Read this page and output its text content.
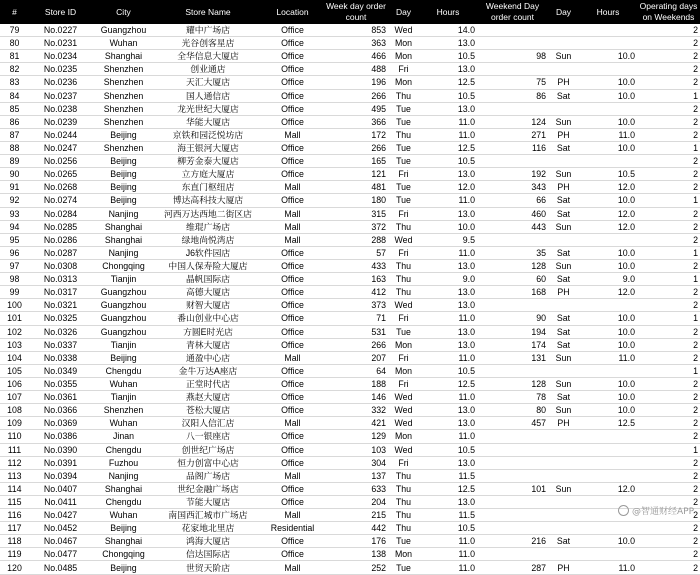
#	Store ID	City	Store Name	Location	Week day order count	Day	Hours	Weekend Day order count	Day	Hours	Operating days on Weekends
79	No.0227	Guangzhou	耀中广场店	Office	853	Wed	14.0				2
80	No.0231	Wuhan	光谷创客星店	Office	363	Mon	13.0				2
81	No.0234	Shanghai	全华信息大厦店	Office	466	Mon	10.5	98	Sun	10.0	2
82	No.0235	Shenzhen	创业通店	Office	488	Fri	13.0				2
83	No.0236	Shenzhen	天汇大厦店	Office	196	Mon	12.5	75	PH	10.0	2
84	No.0237	Shenzhen	国人通信店	Office	266	Thu	10.5	86	Sat	10.0	1
85	No.0238	Shenzhen	龙光世纪大厦店	Office	495	Tue	13.0				2
86	No.0239	Shenzhen	华能大厦店	Office	366	Tue	11.0	124	Sun	10.0	2
87	No.0244	Beijing	京铁和园泛悦坊店	Mall	172	Thu	11.0	271	PH	11.0	2
88	No.0247	Shenzhen	海王银河大厦店	Office	266	Tue	12.5	116	Sat	10.0	1
89	No.0256	Beijing	柳芳金泰大厦店	Office	165	Tue	10.5				2
90	No.0265	Beijing	立方庭大厦店	Office	121	Fri	13.0	192	Sun	10.5	2
91	No.0268	Beijing	东直门枢纽店	Mall	481	Tue	12.0	343	PH	12.0	2
92	No.0274	Beijing	博达高科技大厦店	Office	180	Tue	11.0	66	Sat	10.0	1
93	No.0284	Nanjing	河西万达西地二街区店	Mall	315	Fri	13.0	460	Sat	12.0	2
94	No.0285	Shanghai	维琨广场店	Mall	372	Thu	10.0	443	Sun	12.0	2
95	No.0286	Shanghai	绿地尚悦湾店	Mall	288	Wed	9.5				2
96	No.0287	Nanjing	J6软件园店	Office	57	Fri	11.0	35	Sat	10.0	1
97	No.0308	Chongqing	中国人保寿险大厦店	Office	433	Thu	13.0	128	Sun	10.0	2
98	No.0313	Tianjin	晶帆国际店	Office	163	Thu	9.0	60	Sat	9.0	1
99	No.0317	Guangzhou	高德大厦店	Office	412	Thu	13.0	168	PH	12.0	2
100	No.0321	Guangzhou	财智大厦店	Office	373	Wed	13.0				2
101	No.0325	Guangzhou	番山创业中心店	Office	71	Fri	11.0	90	Sat	10.0	1
102	No.0326	Guangzhou	方圆E时光店	Office	531	Tue	13.0	194	Sat	10.0	2
103	No.0337	Tianjin	青林大厦店	Office	266	Mon	13.0	174	Sat	10.0	2
104	No.0338	Beijing	通盈中心店	Mall	207	Fri	11.0	131	Sun	11.0	2
105	No.0349	Chengdu	金牛万达A座店	Office	64	Mon	10.5				1
106	No.0355	Wuhan	正堂时代店	Office	188	Fri	12.5	128	Sun	10.0	2
107	No.0361	Tianjin	燕赵大厦店	Office	146	Wed	11.0	78	Sat	10.0	2
108	No.0366	Shenzhen	苍松大厦店	Office	332	Wed	13.0	80	Sun	10.0	2
109	No.0369	Wuhan	汉阳人信汇店	Mall	421	Wed	13.0	457	PH	12.5	2
110	No.0386	Jinan	八一银座店	Office	129	Mon	11.0				2
111	No.0390	Chengdu	创世纪广场店	Office	103	Wed	10.5				1
112	No.0391	Fuzhou	恒力创富中心店	Office	304	Fri	13.0				2
113	No.0394	Nanjing	品阁广场店	Mall	137	Thu	11.5				2
114	No.0407	Shanghai	世纪金融广场店	Office	633	Thu	12.5	101	Sun	12.0	2
115	No.0411	Chengdu	节能大厦店	Office	204	Thu	13.0				2
116	No.0427	Wuhan	南国西汇城市广场店	Mall	215	Thu	11.5				2
117	No.0452	Beijing	花家地北里店	Residential	442	Thu	10.5				2
118	No.0467	Shanghai	鸿海大厦店	Office	176	Tue	11.0	216	Sat	10.0	2
119	No.0477	Chongqing	信达国际店	Office	138	Mon	11.0				2
120	No.0485	Beijing	世贸天阶店	Mall	252	Tue	11.0	287	PH	11.0	2
@智通财经APP
